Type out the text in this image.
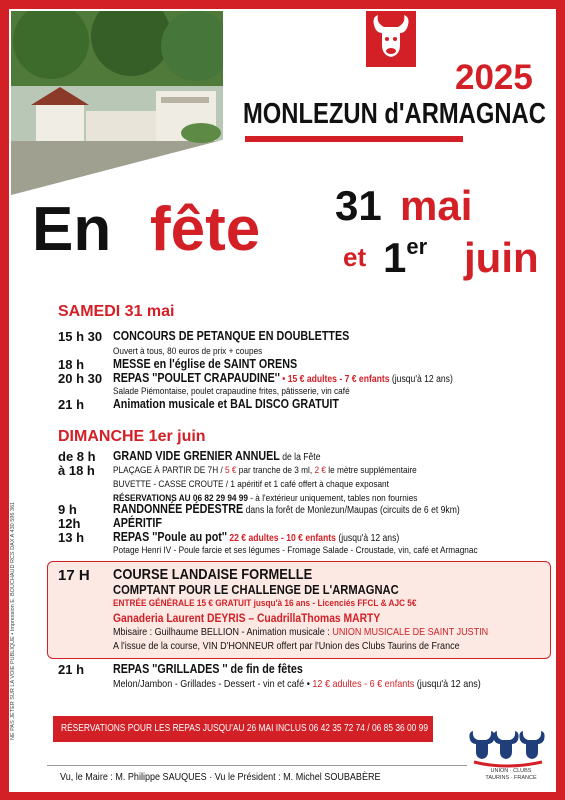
NE PAS JETER SUR LA VOIE PUBLIQUE • Impression E. BOUCHAUD RCS DAX A 430 596 361
2025
MONLEZUN d'ARMAGNAC
En fête 31 mai
et 1er juin
SAMEDI 31 mai
15 h 30 CONCOURS DE PETANQUE EN DOUBLETTES
Ouvert à tous, 80 euros de prix + coupes
18 h MESSE en l'église de SAINT ORENS
20 h 30 REPAS ''POULET CRAPAUDINE'' • 15 € adultes - 7 € enfants (jusqu'à 12 ans)
Salade Piémontaise, poulet crapaudine frites, pâtisserie, vin café
21 h Animation musicale et BAL DISCO GRATUIT
DIMANCHE 1er juin
de 8 h
à 18 h
GRAND VIDE GRENIER ANNUEL de la Fête
PLAÇAGE À PARTIR DE 7H / 5 € par tranche de 3 ml, 2 € le mètre supplémentaire
BUVETTE - CASSE CROUTE / 1 apéritif et 1 café offert à chaque exposant
RÉSERVATIONS AU 06 82 29 94 99 - à l'extérieur uniquement, tables non fournies
9 h	RANDONNÉE PÉDESTRE dans la forêt de Monlezun/Maupas (circuits de 6 et 9km)
12h	APÉRITIF
13 h REPAS ''Poule au pot'' 22 € adultes - 10 € enfants (jusqu'à 12 ans)
Potage Henri IV - Poule farcie et ses légumes - Fromage Salade - Croustade, vin, café et Armagnac
17 H COURSE LANDAISE FORMELLE
COMPTANT POUR LE CHALLENGE DE L'ARMAGNAC
ENTRÉE GÉNÉRALE 15 € GRATUIT jusqu'à 16 ans - Licenciés FFCL & AJC 5€
Ganaderia Laurent DEYRIS – CuadrillaThomas MARTY
Mbisaire : Guilhaume BELLION - Animation musicale : UNION MUSICALE DE SAINT JUSTIN
A l'issue de la course, VIN D'HONNEUR offert par l'Union des Clubs Taurins de France
21 h REPAS ''GRILLADES '' de fin de fêtes
Melon/Jambon - Grillades - Dessert - vin et café • 12 € adultes - 6 € enfants (jusqu'à 12 ans)
RÉSERVATIONS POUR LES REPAS JUSQU'AU 26 MAI INCLUS 06 42 35 72 74 / 06 85 36 00 99
Vu, le Maire : M. Philippe SAUQUES · Vu le Président : M. Michel SOUBABÈRE	UNION · CLUBS
TAURINS · FRANCE
